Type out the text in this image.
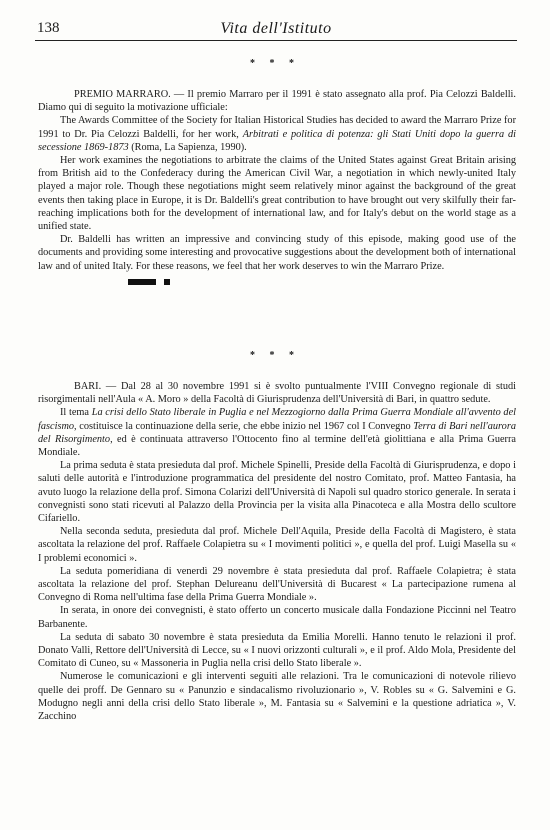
138	Vita dell'Istituto
* * *

PREMIO MARRARO. — Il premio Marraro per il 1991 è stato assegnato alla prof. Pia Celozzi Baldelli. Diamo qui di seguito la motivazione ufficiale:

The Awards Committee of the Society for Italian Historical Studies has decided to award the Marraro Prize for 1991 to Dr. Pia Celozzi Baldelli, for her work, Arbitrati e politica di potenza: gli Stati Uniti dopo la guerra di secessione 1869-1873 (Roma, La Sapienza, 1990).

Her work examines the negotiations to arbitrate the claims of the United States against Great Britain arising from British aid to the Confederacy during the American Civil War, a negotiation in which newly-united Italy played a major role. Though these negotiations might seem relatively minor against the background of the great events then taking place in Europe, it is Dr. Baldelli's great contribution to have brought out very skilfully their far-reaching implications both for the development of international law, and for Italy's debut on the world stage as a unified state.

Dr. Baldelli has written an impressive and convincing study of this episode, making good use of the documents and providing some interesting and provocative suggestions about the development both of international law and of united Italy. For these reasons, we feel that her work deserves to win the Marraro Prize.

* * *

BARI. — Dal 28 al 30 novembre 1991 si è svolto puntualmente l'VIII Convegno regionale di studi risorgimentali nell'Aula « A. Moro » della Facoltà di Giurisprudenza dell'Università di Bari, in quattro sedute.

Il tema La crisi dello Stato liberale in Puglia e nel Mezzogiorno dalla Prima Guerra Mondiale all'avvento del fascismo, costituisce la continuazione della serie, che ebbe inizio nel 1967 col I Convegno Terra di Bari nell'aurora del Risorgimento, ed è continuata attraverso l'Ottocento fino al termine dell'età giolittiana e alla Prima Guerra Mondiale.

La prima seduta è stata presieduta dal prof. Michele Spinelli, Preside della Facoltà di Giurisprudenza, e dopo i saluti delle autorità e l'introduzione programmatica del presidente del nostro Comitato, prof. Matteo Fantasia, ha avuto luogo la relazione della prof. Simona Colarizi dell'Università di Napoli sul quadro storico generale. In serata i convegnisti sono stati ricevuti al Palazzo della Provincia per la visita alla Pinacoteca e alla Mostra dello scultore Cifariello.

Nella seconda seduta, presieduta dal prof. Michele Dell'Aquila, Preside della Facoltà di Magistero, è stata ascoltata la relazione del prof. Raffaele Colapietra su « I movimenti politici », e quella del prof. Luigi Masella su « I problemi economici ».

La seduta pomeridiana di venerdì 29 novembre è stata presieduta dal prof. Raffaele Colapietra; è stata ascoltata la relazione del prof. Stephan Delureanu dell'Università di Bucarest « La partecipazione rumena al Convegno di Roma nell'ultima fase della Prima Guerra Mondiale ».

In serata, in onore dei convegnisti, è stato offerto un concerto musicale dalla Fondazione Piccinni nel Teatro Barbanente.

La seduta di sabato 30 novembre è stata presieduta da Emilia Morelli. Hanno tenuto le relazioni il prof. Donato Valli, Rettore dell'Università di Lecce, su « I nuovi orizzonti culturali », e il prof. Aldo Mola, Presidente del Comitato di Cuneo, su « Massoneria in Puglia nella crisi dello Stato liberale ».

Numerose le comunicazioni e gli interventi seguiti alle relazioni. Tra le comunicazioni di notevole rilievo quelle dei proff. De Gennaro su « Panunzio e sindacalismo rivoluzionario », V. Robles su « G. Salvemini e G. Modugno negli anni della crisi dello Stato liberale », M. Fantasia su « Salvemini e la questione adriatica », V. Zacchino
